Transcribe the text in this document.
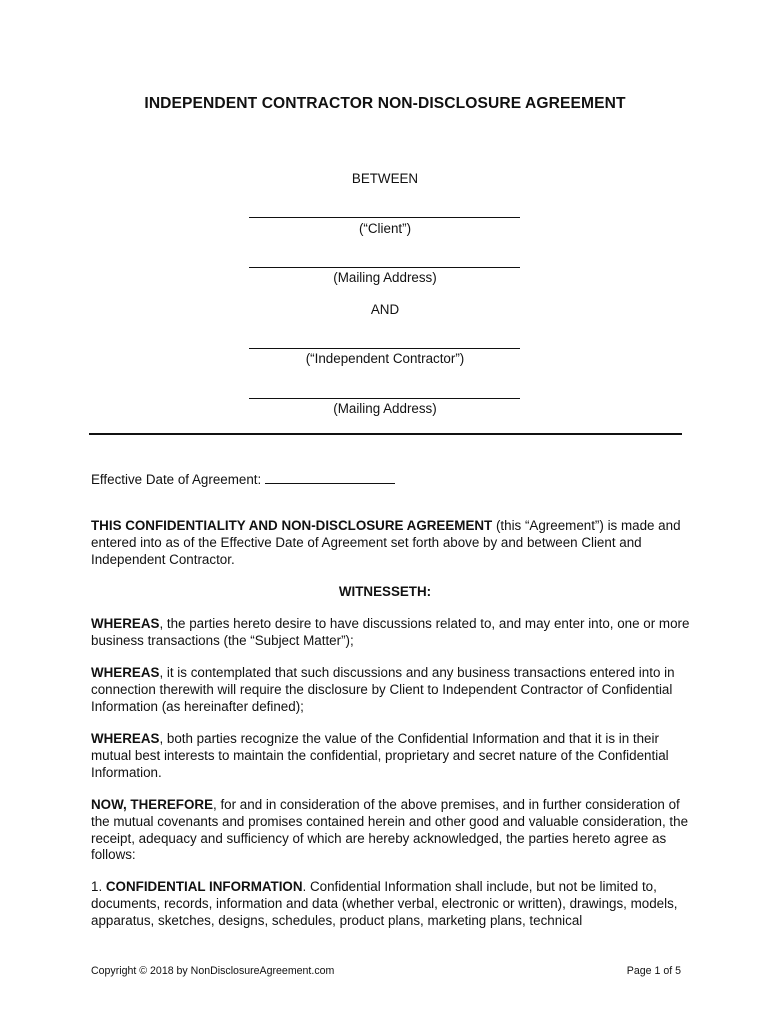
INDEPENDENT CONTRACTOR NON-DISCLOSURE AGREEMENT
BETWEEN
(“Client”)
(Mailing Address)
AND
(“Independent Contractor”)
(Mailing Address)
Effective Date of Agreement:
THIS CONFIDENTIALITY AND NON-DISCLOSURE AGREEMENT (this “Agreement”) is made and entered into as of the Effective Date of Agreement set forth above by and between Client and Independent Contractor.
WITNESSETH:
WHEREAS, the parties hereto desire to have discussions related to, and may enter into, one or more business transactions (the “Subject Matter”);
WHEREAS, it is contemplated that such discussions and any business transactions entered into in connection therewith will require the disclosure by Client to Independent Contractor of Confidential Information (as hereinafter defined);
WHEREAS, both parties recognize the value of the Confidential Information and that it is in their mutual best interests to maintain the confidential, proprietary and secret nature of the Confidential Information.
NOW, THEREFORE, for and in consideration of the above premises, and in further consideration of the mutual covenants and promises contained herein and other good and valuable consideration, the receipt, adequacy and sufficiency of which are hereby acknowledged, the parties hereto agree as follows:
1. CONFIDENTIAL INFORMATION. Confidential Information shall include, but not be limited to, documents, records, information and data (whether verbal, electronic or written), drawings, models, apparatus, sketches, designs, schedules, product plans, marketing plans, technical
Copyright © 2018 by NonDisclosureAgreement.com	Page 1 of 5
